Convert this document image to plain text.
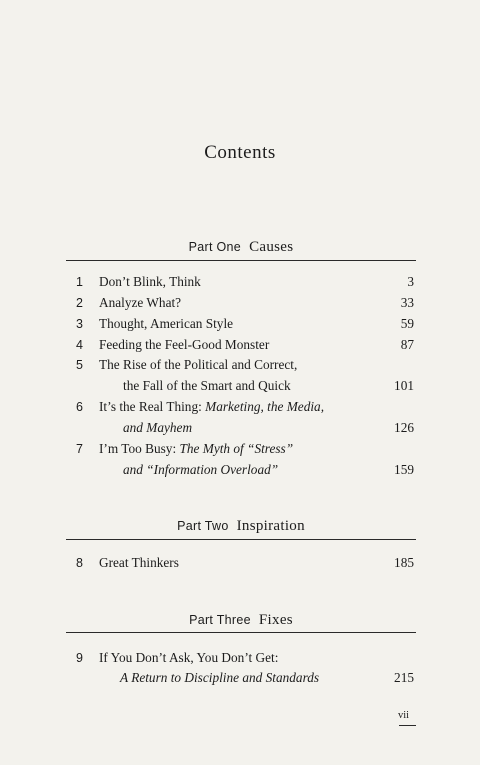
Contents
Part One Causes
1 Don’t Blink, Think	3
2 Analyze What?	33
3 Thought, American Style	59
4 Feeding the Feel-Good Monster	87
5 The Rise of the Political and Correct,
the Fall of the Smart and Quick	101
6 It’s the Real Thing: Marketing, the Media,
and Mayhem	126
7 I’m Too Busy: The Myth of “Stress”
and “Information Overload”	159
Part Two Inspiration
8 Great Thinkers	185
Part Three Fixes
9 If You Don’t Ask, You Don’t Get:
A Return to Discipline and Standards	215
vii
